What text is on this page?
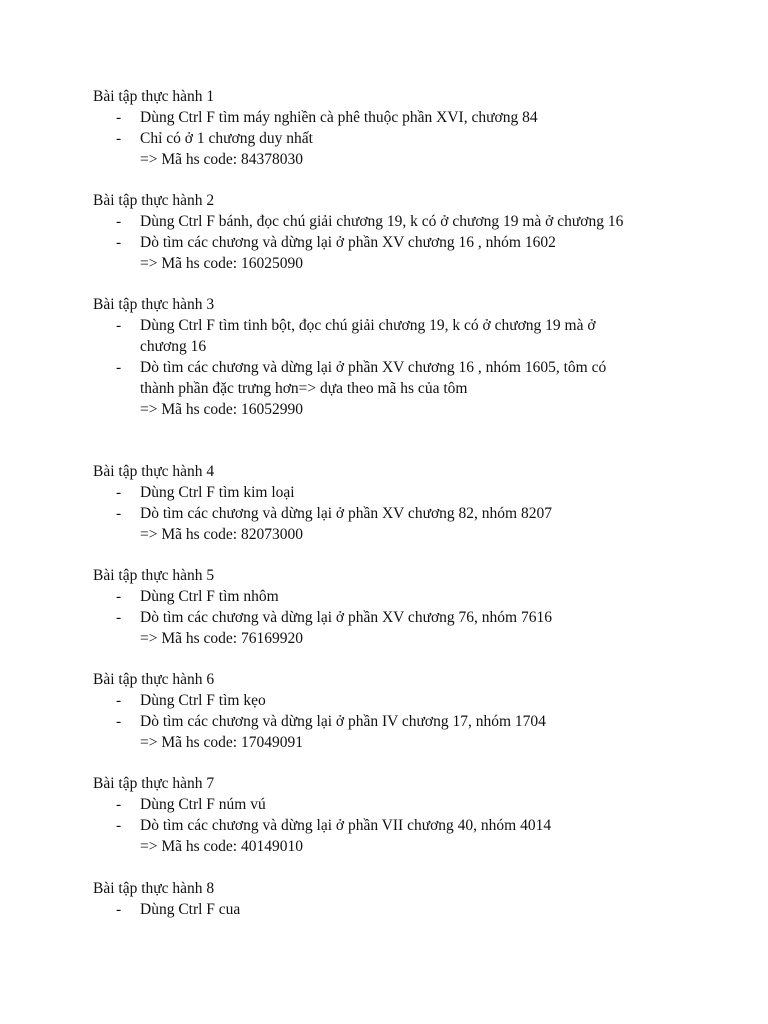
Bài tập thực hành 1
- Dùng Ctrl F tìm máy nghiền cà phê thuộc phần XVI, chương 84
- Chỉ có ở 1 chương duy nhất
=> Mã hs code: 84378030
Bài tập thực hành 2
- Dùng Ctrl F bánh, đọc chú giải chương 19, k có ở chương 19 mà ở chương 16
- Dò tìm các chương và dừng lại ở phần XV chương 16 , nhóm 1602
=> Mã hs code: 16025090
Bài tập thực hành 3
- Dùng Ctrl F tìm tinh bột, đọc chú giải chương 19, k có ở chương 19 mà ở
chương 16
- Dò tìm các chương và dừng lại ở phần XV chương 16 , nhóm 1605, tôm có
thành phần đặc trưng hơn=> dựa theo mã hs của tôm
=> Mã hs code: 16052990
Bài tập thực hành 4
- Dùng Ctrl F tìm kim loại
- Dò tìm các chương và dừng lại ở phần XV chương 82, nhóm 8207
=> Mã hs code: 82073000
Bài tập thực hành 5
- Dùng Ctrl F tìm nhôm
- Dò tìm các chương và dừng lại ở phần XV chương 76, nhóm 7616
=> Mã hs code: 76169920
Bài tập thực hành 6
- Dùng Ctrl F tìm kẹo
- Dò tìm các chương và dừng lại ở phần IV chương 17, nhóm 1704
=> Mã hs code: 17049091
Bài tập thực hành 7
- Dùng Ctrl F núm vú
- Dò tìm các chương và dừng lại ở phần VII chương 40, nhóm 4014
=> Mã hs code: 40149010
Bài tập thực hành 8
- Dùng Ctrl F cua
